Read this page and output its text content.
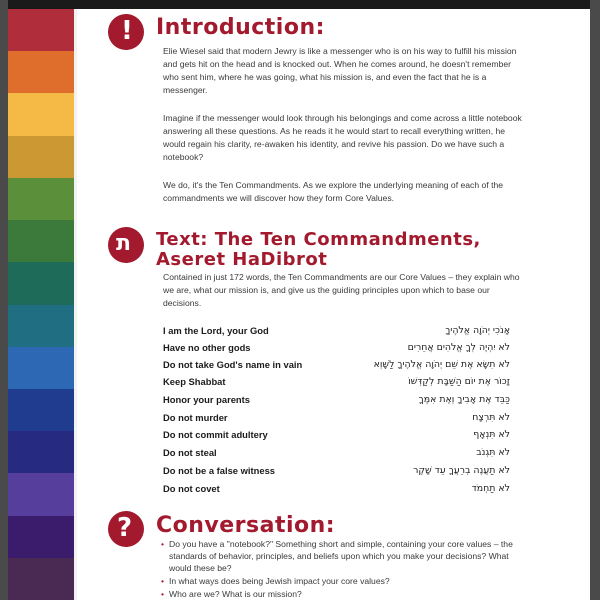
! Introduction:

Elie Wiesel said that modern Jewry is like a messenger who is on his way to fulfill his mission and gets hit on the head and is knocked out. When he comes around, he doesn't remember who sent him, where he was going, what his mission is, and even the fact that he is a messenger.

Imagine if the messenger would look through his belongings and come across a little notebook answering all these questions. As he reads it he would start to recall everything written, he would regain his clarity, re-awaken his identity, and revive his passion. Do we have such a notebook?

We do, it's the Ten Commandments. As we explore the underlying meaning of each of the commandments we will discover how they form Core Values.

ת Text: The Ten Commandments,
Aseret HaDibrot

Contained in just 172 words, the Ten Commandments are our Core Values – they explain who we are, what our mission is, and give us the guiding principles upon which to base our decisions.

I am the Lord, your God	אָנֹכִי יְהֹוָה אֱלֹהֶיךָ
Have no other gods	לֹא יִהְיֶה לְךָ אֱלֹהִים אֲחֵרִים
Do not take God's name in vain	לֹא תִשָּׂא אֶת שֵׁם יְהֹוָה אֱלֹהֶיךָ לַשָּׁוְא
Keep Shabbat	זָכוֹר אֶת יוֹם הַשַּׁבָּת לְקַדְּשׁוֹ
Honor your parents	כַּבֵּד אֶת אָבִיךָ וְאֶת אִמֶּךָ
Do not murder	לֹא תִּרְצָח
Do not commit adultery	לֹא תִּנְאָף
Do not steal	לֹא תִּגְנֹב
Do not be a false witness	לֹא תַעֲנֶה בְרֵעֲךָ עֵד שָׁקֶר
Do not covet	לֹא תַחְמֹד
? Conversation:
• Do you have a "notebook?" Something short and simple, containing your core values – the standards of behavior, principles, and beliefs upon which you make your decisions? What would these be?
• In what ways does being Jewish impact your core values?
• Who are we? What is our mission?
